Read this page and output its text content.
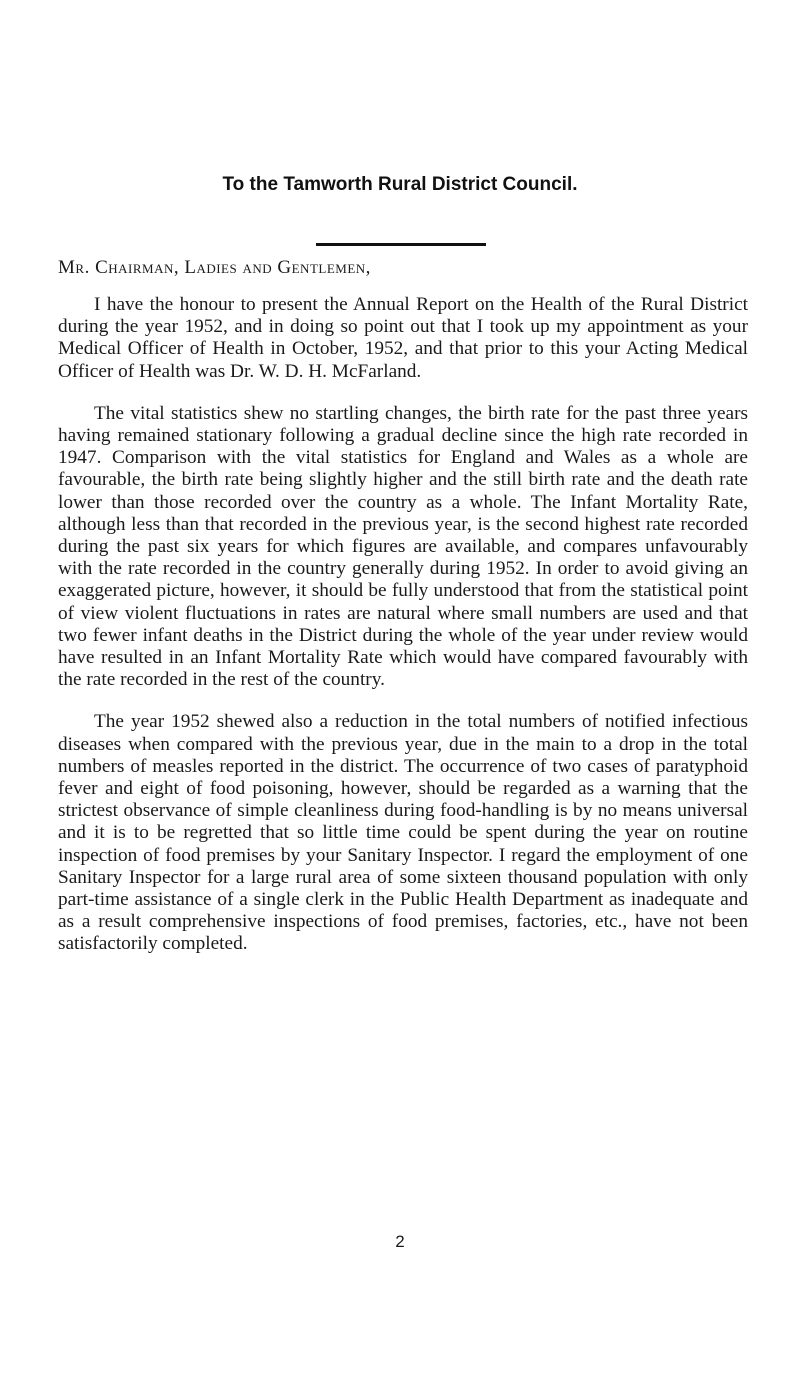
To the Tamworth Rural District Council.

Mr. Chairman, Ladies and Gentlemen,

I have the honour to present the Annual Report on the Health of the Rural District during the year 1952, and in doing so point out that I took up my appointment as your Medical Officer of Health in October, 1952, and that prior to this your Acting Medical Officer of Health was Dr. W. D. H. McFarland.

The vital statistics shew no startling changes, the birth rate for the past three years having remained stationary following a gradual decline since the high rate recorded in 1947. Comparison with the vital statistics for England and Wales as a whole are favourable, the birth rate being slightly higher and the still birth rate and the death rate lower than those recorded over the country as a whole. The Infant Mortality Rate, although less than that recorded in the previous year, is the second highest rate recorded during the past six years for which figures are available, and compares unfavourably with the rate recorded in the country generally during 1952. In order to avoid giving an exaggerated picture, however, it should be fully understood that from the statistical point of view violent fluctuations in rates are natural where small numbers are used and that two fewer infant deaths in the District during the whole of the year under review would have resulted in an Infant Mortality Rate which would have compared favourably with the rate recorded in the rest of the country.

The year 1952 shewed also a reduction in the total numbers of notified infectious diseases when compared with the previous year, due in the main to a drop in the total numbers of measles reported in the district. The occurrence of two cases of paratyphoid fever and eight of food poisoning, however, should be regarded as a warning that the strictest observance of simple cleanliness during food-handling is by no means universal and it is to be regretted that so little time could be spent during the year on routine inspection of food premises by your Sanitary Inspector. I regard the employment of one Sanitary Inspector for a large rural area of some sixteen thousand population with only part-time assistance of a single clerk in the Public Health Department as inadequate and as a result comprehensive inspections of food premises, factories, etc., have not been satisfactorily completed.

2
